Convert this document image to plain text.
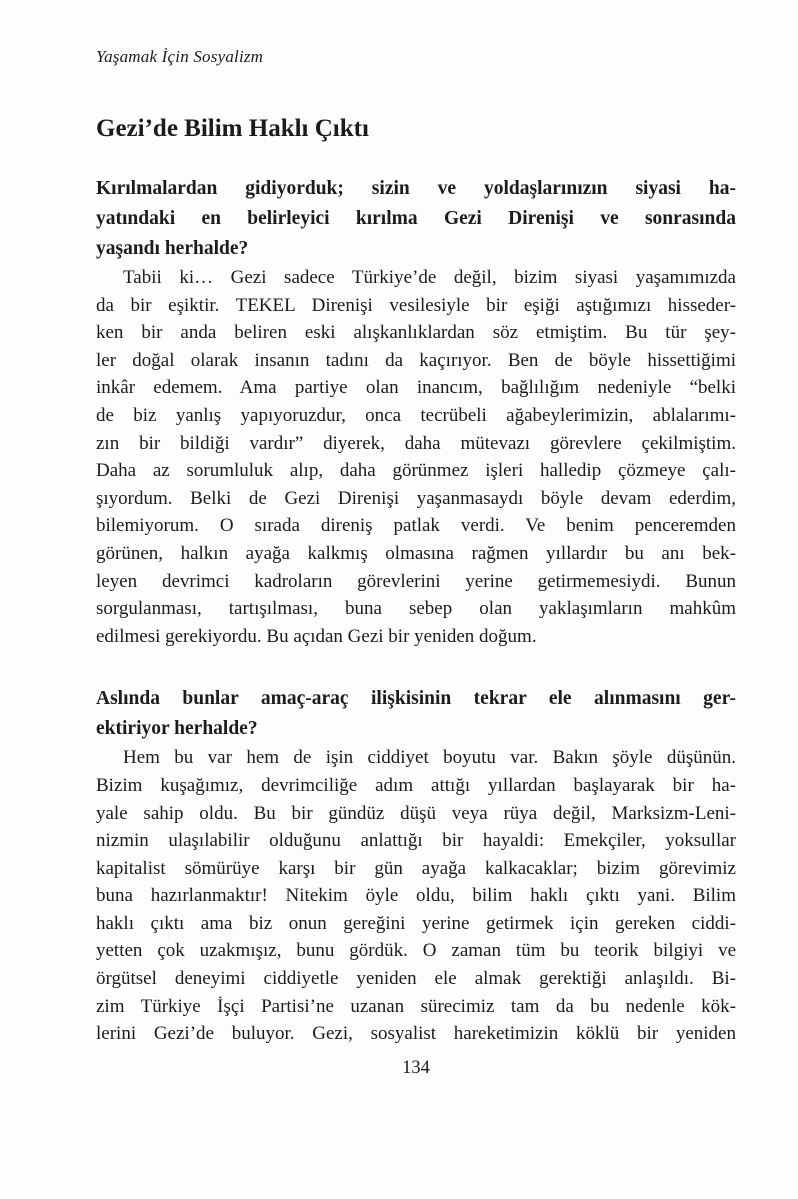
Yaşamak İçin Sosyalizm
Gezi’de Bilim Haklı Çıktı
Kırılmalardan gidiyorduk; sizin ve yoldaşlarınızın siyasi ha-
yatındaki en belirleyici kırılma Gezi Direnişi ve sonrasında
yaşandı herhalde?
Tabii ki… Gezi sadece Türkiye’de değil, bizim siyasi yaşamımızda
da bir eşiktir. TEKEL Direnişi vesilesiyle bir eşiği aştığımızı hisseder-
ken bir anda beliren eski alışkanlıklardan söz etmiştim. Bu tür şey-
ler doğal olarak insanın tadını da kaçırıyor. Ben de böyle hissettiğimi
inkâr edemem. Ama partiye olan inancım, bağlılığım nedeniyle “belki
de biz yanlış yapıyoruzdur, onca tecrübeli ağabeylerimizin, ablalarımı-
zın bir bildiği vardır” diyerek, daha mütevazı görevlere çekilmiştim.
Daha az sorumluluk alıp, daha görünmez işleri halledip çözmeye çalı-
şıyordum. Belki de Gezi Direnişi yaşanmasaydı böyle devam ederdim,
bilemiyorum. O sırada direniş patlak verdi. Ve benim penceremden
görünen, halkın ayağa kalkmış olmasına rağmen yıllardır bu anı bek-
leyen devrimci kadroların görevlerini yerine getirmemesiydi. Bunun
sorgulanması, tartışılması, buna sebep olan yaklaşımların mahkûm
edilmesi gerekiyordu. Bu açıdan Gezi bir yeniden doğum.
Aslında bunlar amaç-araç ilişkisinin tekrar ele alınmasını ger-
ektiriyor herhalde?
Hem bu var hem de işin ciddiyet boyutu var. Bakın şöyle düşünün.
Bizim kuşağımız, devrimciliğe adım attığı yıllardan başlayarak bir ha-
yale sahip oldu. Bu bir gündüz düşü veya rüya değil, Marksizm-Leni-
nizmin ulaşılabilir olduğunu anlattığı bir hayaldi: Emekçiler, yoksullar
kapitalist sömürüye karşı bir gün ayağa kalkacaklar; bizim görevimiz
buna hazırlanmaktır! Nitekim öyle oldu, bilim haklı çıktı yani. Bilim
haklı çıktı ama biz onun gereğini yerine getirmek için gereken ciddi-
yetten çok uzakmışız, bunu gördük. O zaman tüm bu teorik bilgiyi ve
örgütsel deneyimi ciddiyetle yeniden ele almak gerektiği anlaşıldı. Bi-
zim Türkiye İşçi Partisi’ne uzanan sürecimiz tam da bu nedenle kök-
lerini Gezi’de buluyor. Gezi, sosyalist hareketimizin köklü bir yeniden
134
